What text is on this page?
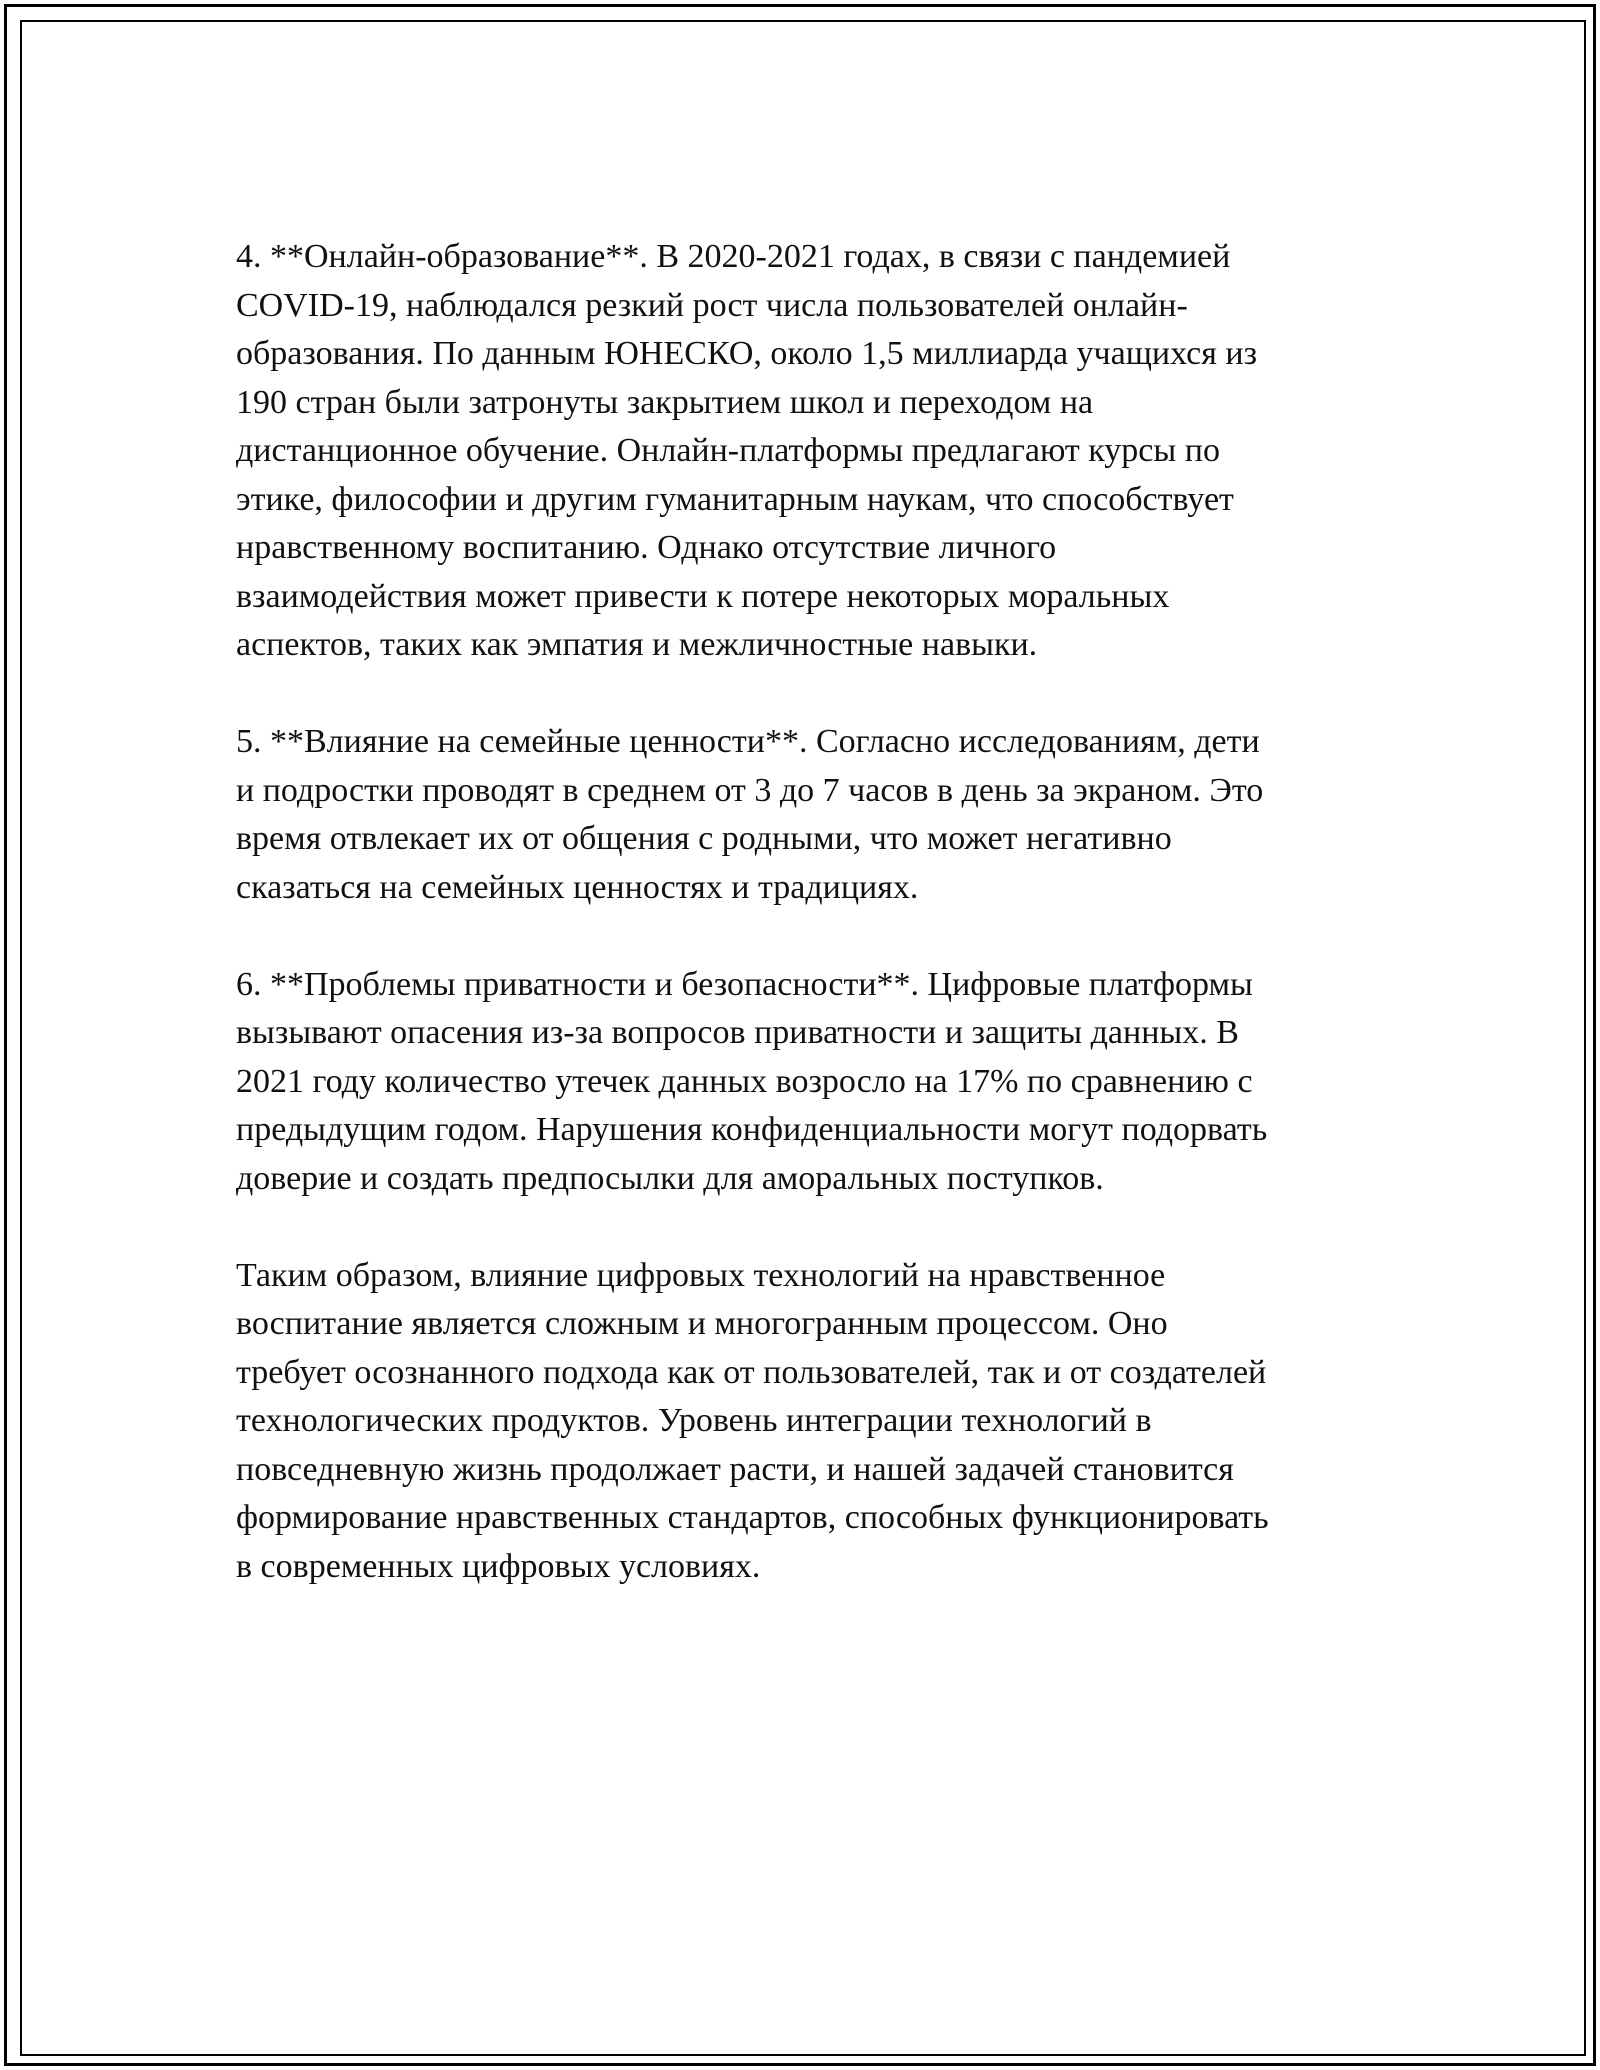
4. **Онлайн-образование**. В 2020-2021 годах, в связи с пандемией
COVID-19, наблюдался резкий рост числа пользователей онлайн-
образования. По данным ЮНЕСКО, около 1,5 миллиарда учащихся из
190 стран были затронуты закрытием школ и переходом на
дистанционное обучение. Онлайн-платформы предлагают курсы по
этике, философии и другим гуманитарным наукам, что способствует
нравственному воспитанию. Однако отсутствие личного
взаимодействия может привести к потере некоторых моральных
аспектов, таких как эмпатия и межличностные навыки.

5. **Влияние на семейные ценности**. Согласно исследованиям, дети
и подростки проводят в среднем от 3 до 7 часов в день за экраном. Это
время отвлекает их от общения с родными, что может негативно
сказаться на семейных ценностях и традициях.

6. **Проблемы приватности и безопасности**. Цифровые платформы
вызывают опасения из-за вопросов приватности и защиты данных. В
2021 году количество утечек данных возросло на 17% по сравнению с
предыдущим годом. Нарушения конфиденциальности могут подорвать
доверие и создать предпосылки для аморальных поступков.

Таким образом, влияние цифровых технологий на нравственное
воспитание является сложным и многогранным процессом. Оно
требует осознанного подхода как от пользователей, так и от создателей
технологических продуктов. Уровень интеграции технологий в
повседневную жизнь продолжает расти, и нашей задачей становится
формирование нравственных стандартов, способных функционировать
в современных цифровых условиях.
